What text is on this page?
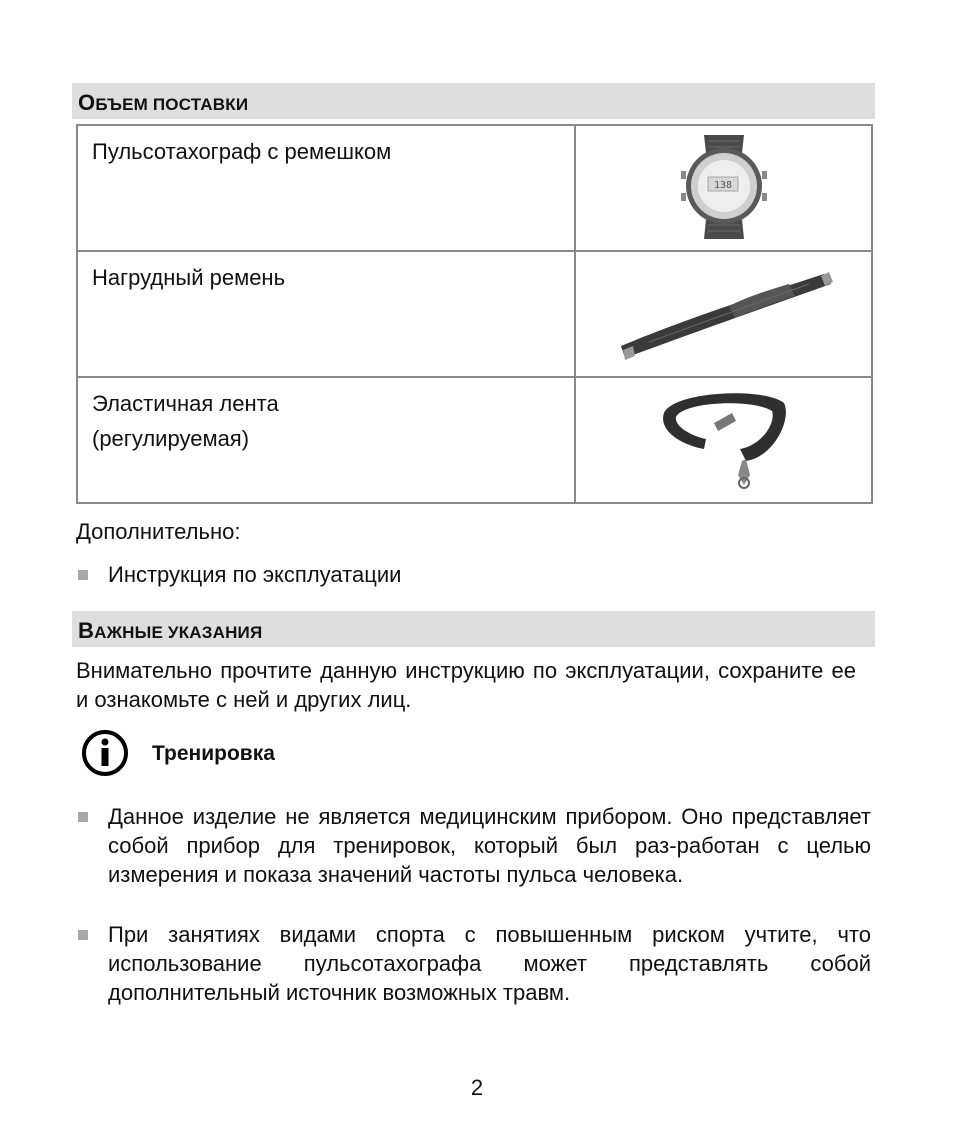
ОБЪЕМ ПОСТАВКИ
Пульсотахограф с ремешком	138

Нагрудный ремень

Эластичная лента
(регулируемая)

Дополнительно:
Инструкция по эксплуатации
ВАЖНЫЕ УКАЗАНИЯ
Внимательно прочтите данную инструкцию по эксплуатации, сохраните ее и ознакомьте с ней и других лиц.
Тренировка
Данное изделие не является медицинским прибором. Оно представляет собой прибор для тренировок, который был раз-работан с целью измерения и показа значений частоты пульса человека.
При занятиях видами спорта с повышенным риском учтите, что использование пульсотахографа может представлять собой дополнительный источник возможных травм.
2
